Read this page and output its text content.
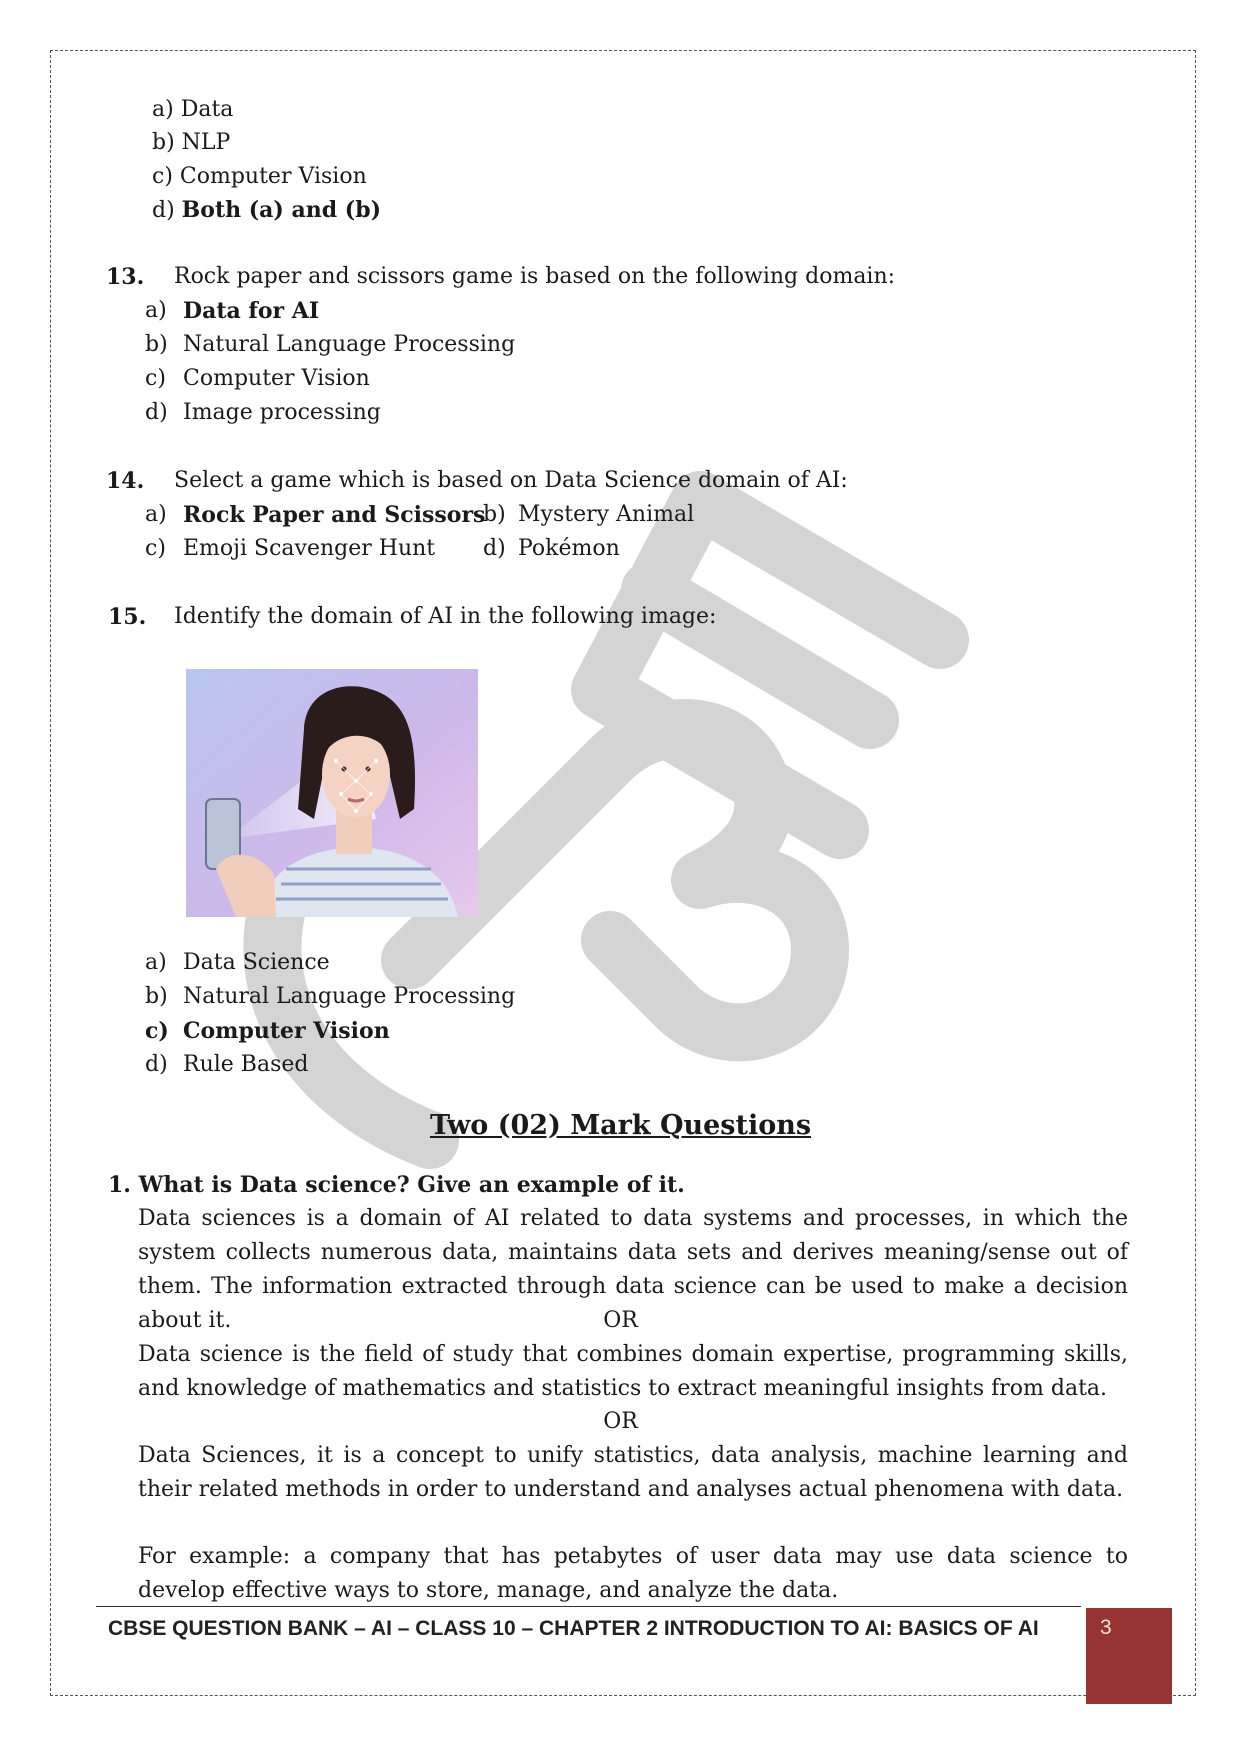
a) Data
b) NLP
c) Computer Vision
d) Both (a) and (b)
13. Rock paper and scissors game is based on the following domain:
a) Data for AI
b) Natural Language Processing
c) Computer Vision
d) Image processing
14. Select a game which is based on Data Science domain of AI:
a) Rock Paper and Scissors
b) Mystery Animal
c) Emoji Scavenger Hunt d) Pokémon
15. Identify the domain of AI in the following image:
a) Data Science
b) Natural Language Processing
c) Computer Vision
d) Rule Based
Two (02) Mark Questions
1. What is Data science? Give an example of it.

Data sciences is a domain of AI related to data systems and processes, in which the system collects numerous data, maintains data sets and derives meaning/sense out of them. The information extracted through data science can be used to make a decision about it.	OR

Data science is the field of study that combines domain expertise, programming skills, and knowledge of mathematics and statistics to extract meaningful insights from data.

OR

Data Sciences, it is a concept to unify statistics, data analysis, machine learning and their related methods in order to understand and analyses actual phenomena with data.

For example: a company that has petabytes of user data may use data science to develop effective ways to store, manage, and analyze the data.

CBSE QUESTION BANK – AI – CLASS 10 – CHAPTER 2 INTRODUCTION TO AI: BASICS OF AI	3
